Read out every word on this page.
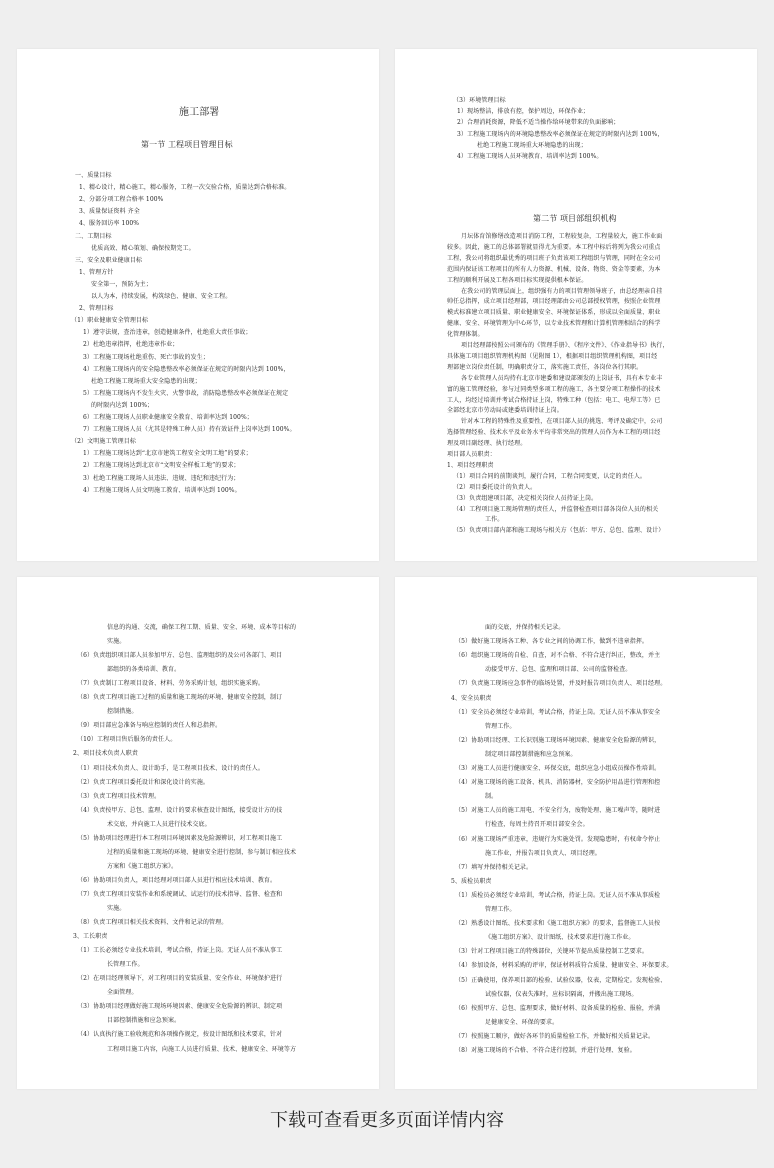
施工部署
第一节 工程项目管理目标
一、质量目标
1、精心设计，精心施工，精心服务，工程一次交验合格，质量达到合格标准。
2、分部分项工程合格率 100%
3、质量保证资料 齐全
4、服务回访率 100%
二、工期目标
优质高效、精心策划、确保按期完工。
三、安全及职业健康目标
1、管理方针
安全第一，预防为主；
以人为本，持续发展，构筑绿色、健康、安全工程。
2、管理目标
（1）职业健康安全管理目标
1）遵守法规，查治违章，创造健康条件，杜绝重大责任事故；
2）杜绝违章指挥，杜绝违章作业；
3）工程施工现场杜绝重伤、死亡事故的发生；
4）工程施工现场内的安全隐患整改率必须保证在规定的时限内达到 100%，
杜绝工程施工现场重大安全隐患的出现；
5）工程施工现场内不发生火灾、火警事故，消防隐患整改率必须保证在规定
的时限内达到 100%；
6）工程施工现场人员职业健康安全教育、培训率达到 100%；
7）工程施工现场人员（尤其是特殊工种人员）持有效证件上岗率达到 100%。
（2）文明施工管理目标
1）工程施工现场达到“北京市建筑工程安全文明工地”的要求；
2）工程施工现场达到北京市“文明安全样板工地”的要求；
3）杜绝工程施工现场人员违法、违规、违纪和违纪行为；
4）工程施工现场人员文明施工教育、培训率达到 100%。
（3）环境管理目标
1）现场整洁，排放有控，保护周边，环保作业；
2）合理消耗资源，降低不适当操作给环境带来的负面影响；
3）工程施工现场内的环境隐患整改率必须保证在规定的时限内达到 100%，
杜绝工程施工现场重大环境隐患的出现；
4）工程施工现场人员环境教育、培训率达到 100%。
第二节 项目部组织机构
月坛体育馆修缮改造项目消防工程，工程较复杂，工程量较大，施工作业面
较多。因此，施工的总体部署就显得尤为重要。本工程中标后将列为我公司重点
工程，我公司将组织最优秀的项目班子负责该项工程组织与管理，同时在全公司
范围内保证该工程项目的所有人力资源、机械、设备、物资、资金等要素，为本
工程的顺利开展及工程各项目标实现提供根本保证。
在我公司的管理层面上，组织强有力的项目管理领导班子，由总经理亲自挂
帅任总指挥，成立项目经理部，项目经理部由公司总部授权管理，按照企业管理
模式标准建立项目质量、职业健康安全、环境保证体系，形成以全面质量、职业
健康、安全、环境管理为中心环节，以专业技术管理和计算机管理相结合的科学
化管理体制。
项目经理部按照公司颁布的《管理手册》、《程序文件》、《作业指导书》执行，
具体施工项目组织管理机构图（见附图 1），根据项目组织管理机构图，项目经
理部建立岗位责任制，明确职责分工，落实施工责任，各岗位各行其职。
各专业管理人员均持有北京市建委和建设部颁发的上岗证书，具有本专业丰
富的施工管理经验，参与过同类型多项工程的施工，各主要分项工程操作的技术
工人，均经过培训并考试合格持证上岗，特殊工种（包括：电工、电焊工等）已
全部经北京市劳动局或建委培训持证上岗。
针对本工程的特殊性及重要性，在项目部人员的挑选、考评及确定中，公司
选择管理经验、技术水平及业务水平均非常突出的管理人员作为本工程的项目经
理及项目副经理、执行经理。
项目部人员职责：
1、项目经理职责
（1）项目合同的前期谈判，履行合同，工程合同变更，认定的责任人。
（2）项目委托设计的负责人。
（3）负责组建项目部，决定相关岗位人员持证上岗。
（4）工程项目施工现场管理的责任人，并监督检查项目部各岗位人员的相关
工作。
（5）负责项目部内部和施工现场与相关方（包括：甲方、总包、监理、设计）
信息的沟通、交流，确保工程工期、质量、安全、环境、成本等目标的
实施。
（6）负责组织项目部人员参加甲方、总包、监理组织的及公司各部门、项目
部组织的各类培训、教育。
（7）负责制订工程项目设备、材料、劳务采购计划，组织实施采购。
（8）负责工程项目施工过程的质量和施工现场的环境、健康安全控制，制订
控制措施。
（9）项目部应急准备与响应控制的责任人和总指挥。
（10）工程项目售后服务的责任人。
2、项目技术负责人职责
（1）项目技术负责人、设计助手，是工程项目技术、设计的责任人。
（2）负责工程项目委托设计和深化设计的实施。
（3）负责工程项目技术管理。
（4）负责按甲方、总包、监理、设计的要求核查设计图纸，接受设计方的技
术交底，并向施工人员进行技术交底。
（5）协助项目经理进行本工程项目环境因素及危险源辨识，对工程项目施工
过程的质量和施工现场的环境、健康安全进行控制，参与制订相应技术
方案和《施工组织方案》。
（6）协助项目负责人，项目经理对项目部人员进行相应技术培训、教育。
（7）负责工程项目安装作业和系统调试、试运行的技术指导、监督、检查和
实施。
（8）负责工程项目相关技术资料、文件和记录的管理。
3、工长职责
（1）工长必须经专业技术培训，考试合格，持证上岗。无证人员不准从事工
长管理工作。
（2）在项目经理领导下，对工程项目的安装质量、安全作业、环境保护进行
全面管理。
（3）协助项目经理做好施工现场环境因素、健康安全危险源的辨识、制定项
目部控制措施和应急预案。
（4）认真执行施工验收规范和各项操作规定，按设计图纸和技术要求，针对
工程项目施工内容，向施工人员进行质量、技术、健康安全、环境等方
面的交底，并保持相关记录。
（5）做好施工现场各工种、各专业之间的协调工作，做到不违章指挥。
（6）组织施工现场的自检、自查，对不合格、不符合进行纠正，整改，并主
动接受甲方、总包、监理和项目部、公司的监督检查。
（7）负责施工现场应急事件的临场处置，并及时报告项目负责人、项目经理。
4、安全员职责
（1）安全员必须经专业培训，考试合格，持证上岗。无证人员不准从事安全
管理工作。
（2）协助项目经理、工长识别施工现场环境因素、健康安全危险源的辨识，
制定项目部控制措施和应急预案。
（3）对施工人员进行健康安全、环保交底，组织应急小组成员操作性培训。
（4）对施工现场的施工设备、机具、消防器材，安全防护用品进行管理和控
制。
（5）对施工人员的施工用电、不安全行为，废物处理、施工噪声等，随时进
行检查，每周主持召开项目部安全会。
（6）对施工现场严重违章，违规行为实施处罚。发现隐患时，有权命令停止
施工作业，并报告项目负责人、项目经理。
（7）填写并保持相关记录。
5、质检员职责
（1）质检员必须经专业培训，考试合格，持证上岗。无证人员不准从事质检
管理工作。
（2）熟悉设计图纸、技术要求和《施工组织方案》的要求，监督施工人员按
《施工组织方案》、设计图纸、技术要求进行施工作业。
（3）针对工程项目施工的特殊部位，关键环节提出质量控制工艺要求。
（4）参加设备，材料采购的评审，保证材料质符合质量、健康安全、环保要求。
（5）正确使用，保养项目部的检验、试验仪器，仪表，定期检定。发现检验、
试验仪器，仪表失准时，应标识隔离，并搬出施工现场。
（6）按照甲方、总包、监理要求，做好材料、设备质量的检验、报验，并满
足健康安全、环保的要求。
（7）按照施工顺序，做好各环节的质量检验工作，并做好相关质量记录。
（8）对施工现场的不合格、不符合进行控制，并进行处理、复验。
下载可查看更多页面详情内容
